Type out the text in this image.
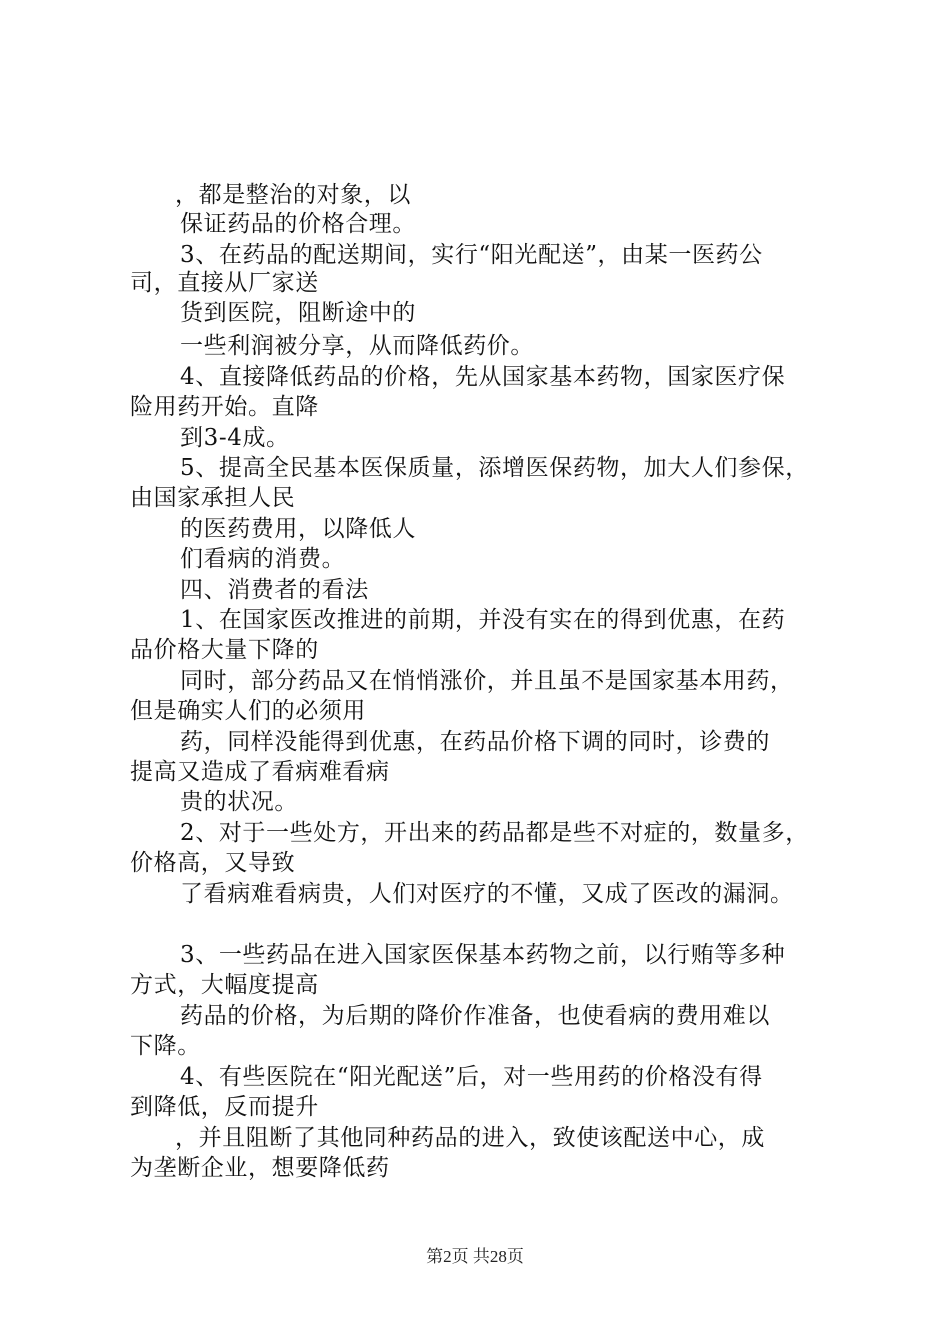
，都是整治的对象，以
保证药品的价格合理。
3、在药品的配送期间，实行“阳光配送”，由某一医药公
司，直接从厂家送
货到医院，阻断途中的
一些利润被分享，从而降低药价。
4、直接降低药品的价格，先从国家基本药物，国家医疗保
险用药开始。直降
到3-4成。
5、提高全民基本医保质量，添增医保药物，加大人们参保，
由国家承担人民
的医药费用，以降低人
们看病的消费。
四、消费者的看法
1、在国家医改推进的前期，并没有实在的得到优惠，在药
品价格大量下降的
同时，部分药品又在悄悄涨价，并且虽不是国家基本用药，
但是确实人们的必须用
药，同样没能得到优惠，在药品价格下调的同时，诊费的
提高又造成了看病难看病
贵的状况。
2、对于一些处方，开出来的药品都是些不对症的，数量多，
价格高，又导致
了看病难看病贵，人们对医疗的不懂，又成了医改的漏洞。
3、一些药品在进入国家医保基本药物之前，以行贿等多种
方式，大幅度提高
药品的价格，为后期的降价作准备，也使看病的费用难以
下降。
4、有些医院在“阳光配送”后，对一些用药的价格没有得
到降低，反而提升
，并且阻断了其他同种药品的进入，致使该配送中心，成
为垄断企业，想要降低药
第2页 共28页
